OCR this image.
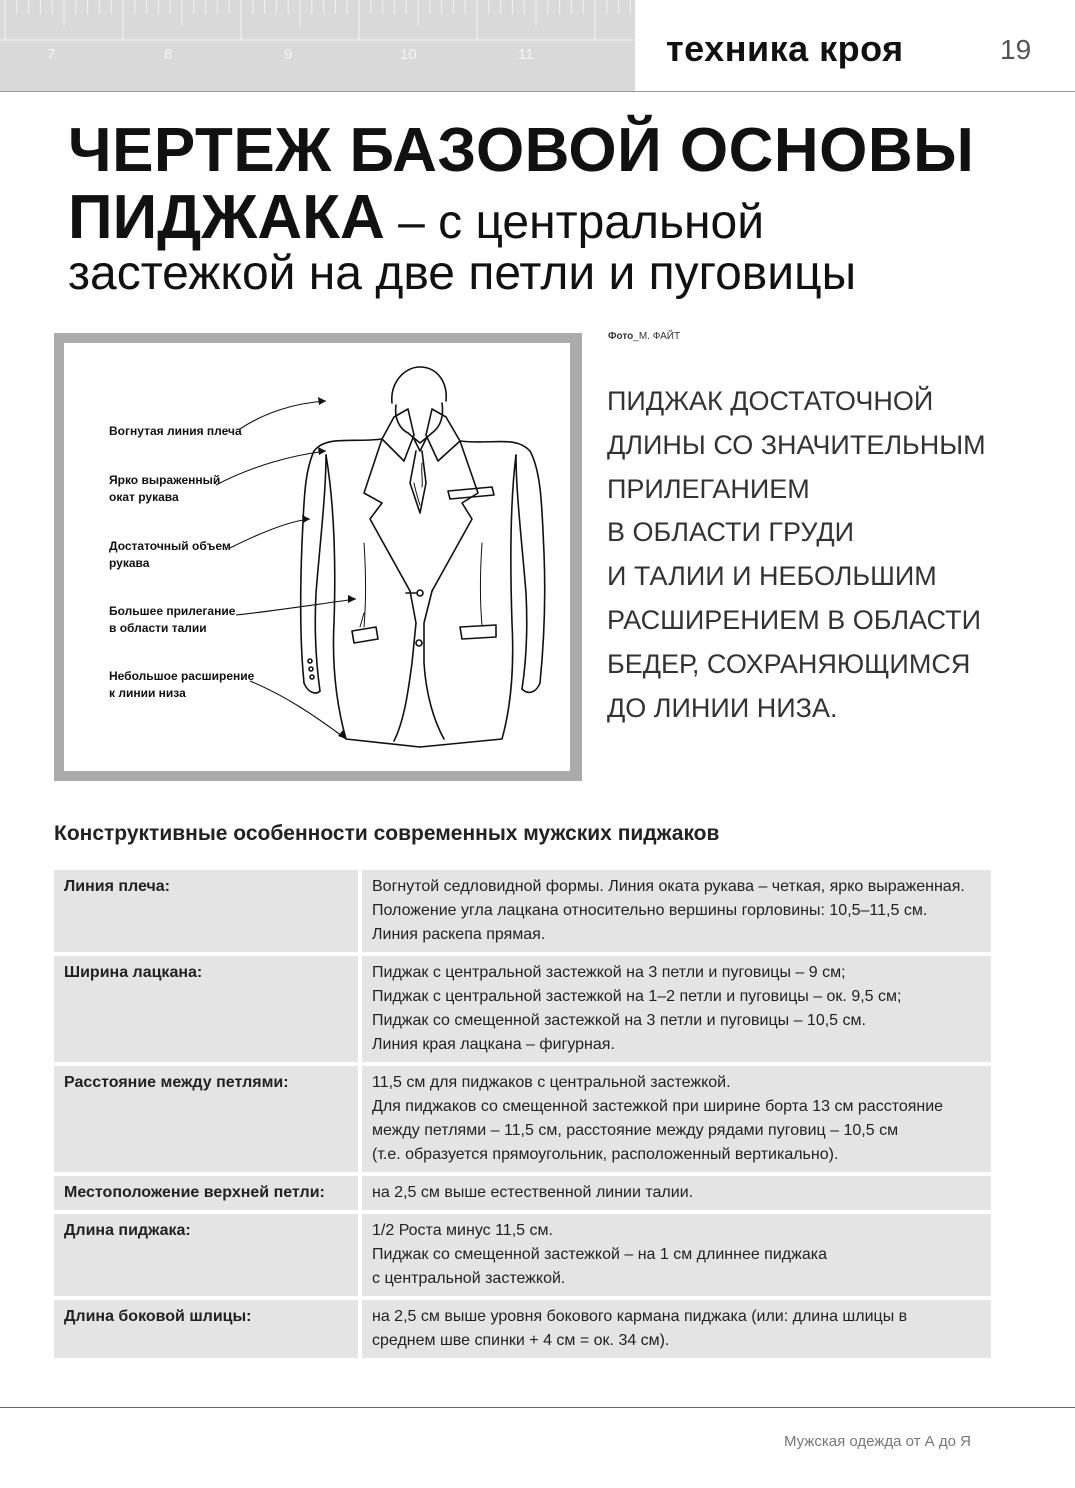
7	8	9	10	11	техника кроя	19
ЧЕРТЕЖ БАЗОВОЙ ОСНОВЫ
ПИДЖАКА – с центральной
застежкой на две петли и пуговицы
Вогнутая линия плеча
Ярко выраженный
окат рукава
Достаточный объем
рукава
Большее прилегание
в области талии
Небольшое расширение
к линии низа
Фото_М. ФАЙТ
ПИДЖАК ДОСТАТОЧНОЙ
ДЛИНЫ СО ЗНАЧИТЕЛЬНЫМ
ПРИЛЕГАНИЕМ
В ОБЛАСТИ ГРУДИ
И ТАЛИИ И НЕБОЛЬШИМ
РАСШИРЕНИЕМ В ОБЛАСТИ
БЕДЕР, СОХРАНЯЮЩИМСЯ
ДО ЛИНИИ НИЗА.
Конструктивные особенности современных мужских пиджаков
Линия плеча:	Вогнутой седловидной формы. Линия оката рукава – четкая, ярко выраженная.
Положение угла лацкана относительно вершины горловины: 10,5–11,5 см.
Линия раскепа прямая.

Ширина лацкана:	Пиджак с центральной застежкой на 3 петли и пуговицы – 9 см;
Пиджак с центральной застежкой на 1–2 петли и пуговицы – ок. 9,5 см;
Пиджак со смещенной застежкой на 3 петли и пуговицы – 10,5 см.
Линия края лацкана – фигурная.

Расстояние между петлями:	11,5 см для пиджаков с центральной застежкой.
Для пиджаков со смещенной застежкой при ширине борта 13 см расстояние
между петлями – 11,5 см, расстояние между рядами пуговиц – 10,5 см
(т.е. образуется прямоугольник, расположенный вертикально).

Местоположение верхней петли:	на 2,5 см выше естественной линии талии.

Длина пиджака:	1/2 Роста минус 11,5 см.
Пиджак со смещенной застежкой – на 1 см длиннее пиджака
с центральной застежкой.

Длина боковой шлицы:	на 2,5 см выше уровня бокового кармана пиджака (или: длина шлицы в
среднем шве спинки + 4 см = ок. 34 см).
Мужская одежда от А до Я
